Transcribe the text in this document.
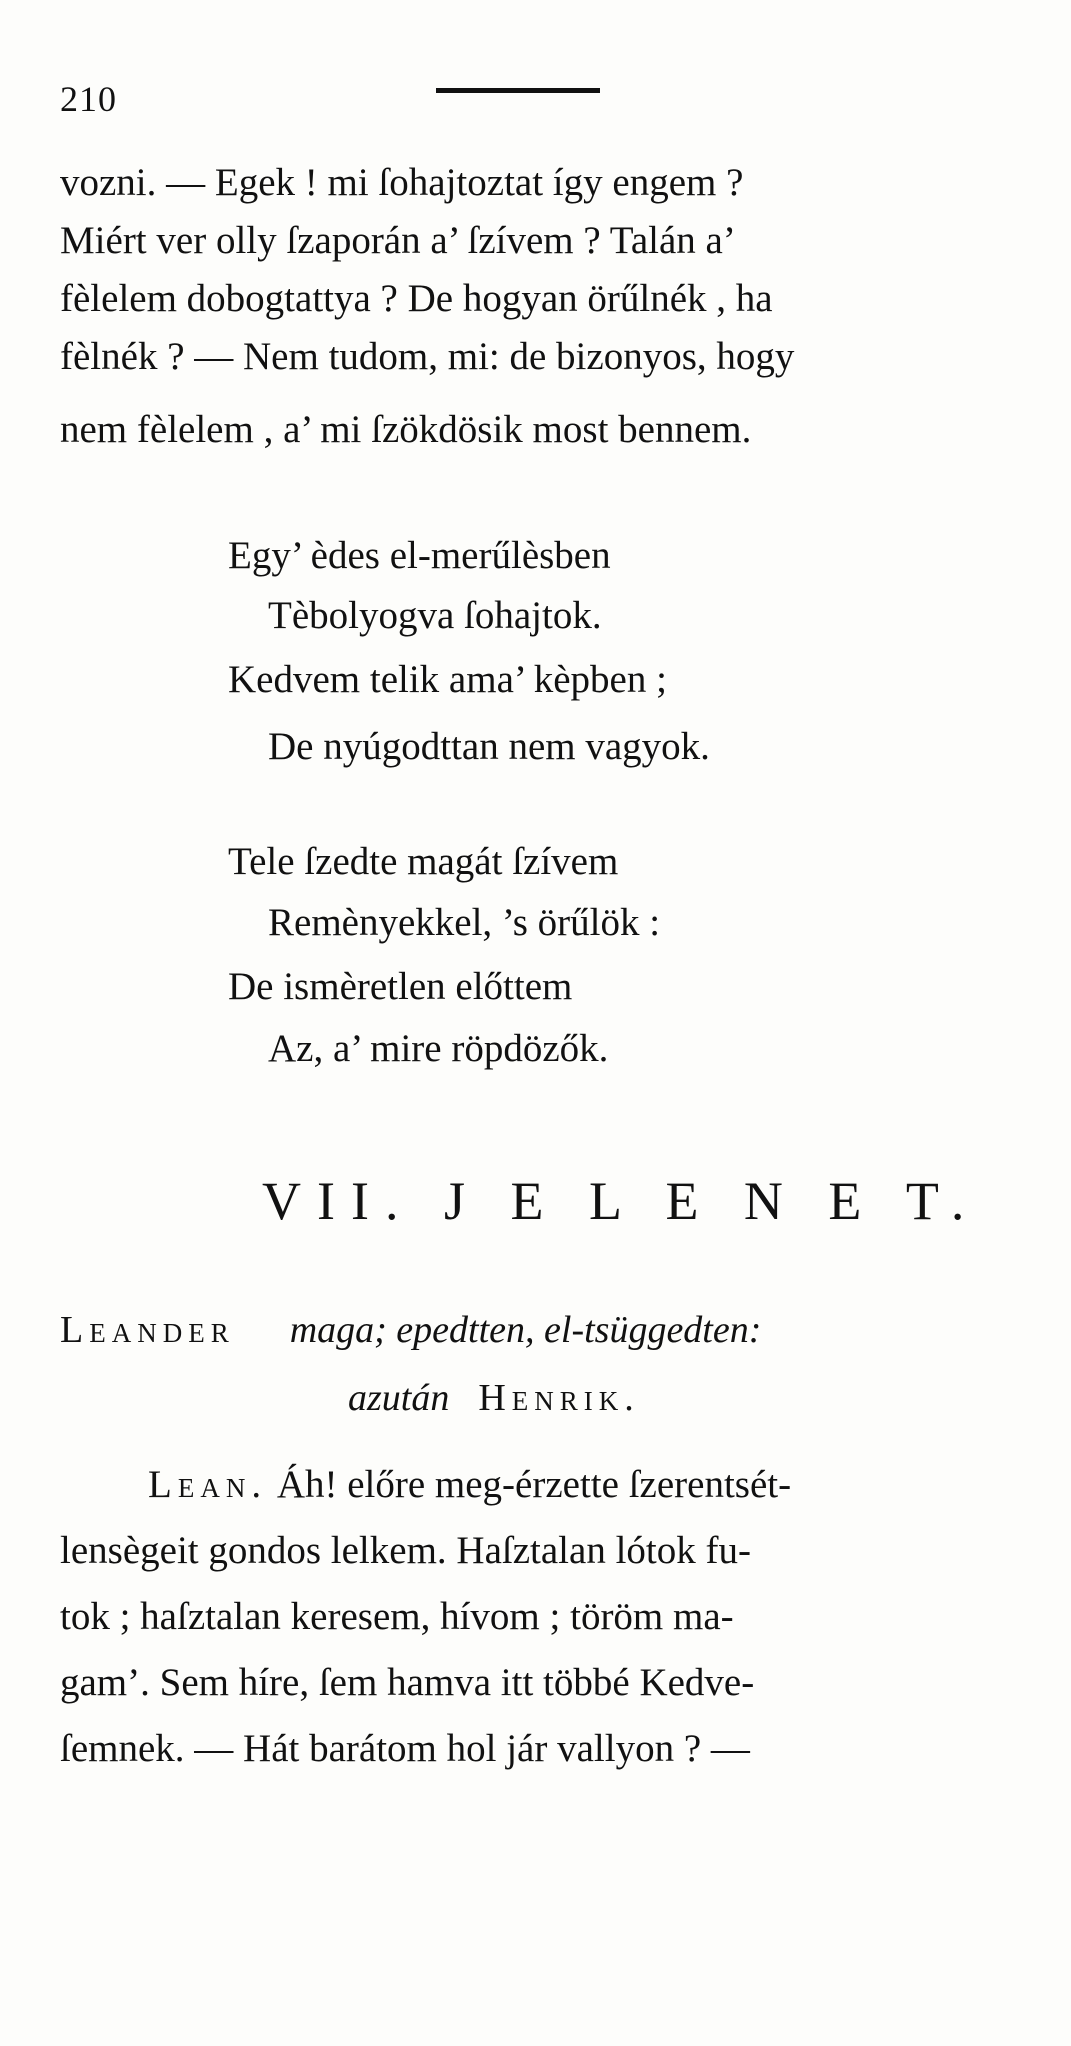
210
vozni. — Egek ! mi ſohajtoztat így engem ?
Miért ver olly ſzaporán a’ ſzívem ? Talán a’
fèlelem dobogtattya ? De hogyan örűlnék , ha
fèlnék ? — Nem tudom, mi: de bizonyos, hogy
nem fèlelem , a’ mi ſzökdösik most bennem.
Egy’ èdes el-merűlèsben
Tèbolyogva ſohajtok.
Kedvem telik ama’ kèpben ;
De nyúgodttan nem vagyok.
Tele ſzedte magát ſzívem
Remènyekkel, ’s örűlök :
De ismèretlen előttem
Az, a’ mire röpdözők.
VII. J E L E N E T.
Leander maga; epedtten, el-tsüggedten:
azután Henrik.
Lean. Áh! előre meg-érzette ſzerentsét-
lensègeit gondos lelkem. Haſztalan lótok fu-
tok ; haſztalan keresem, hívom ; töröm ma-
gam’. Sem híre, ſem hamva itt többé Kedve-
ſemnek. — Hát barátom hol jár vallyon ? —
